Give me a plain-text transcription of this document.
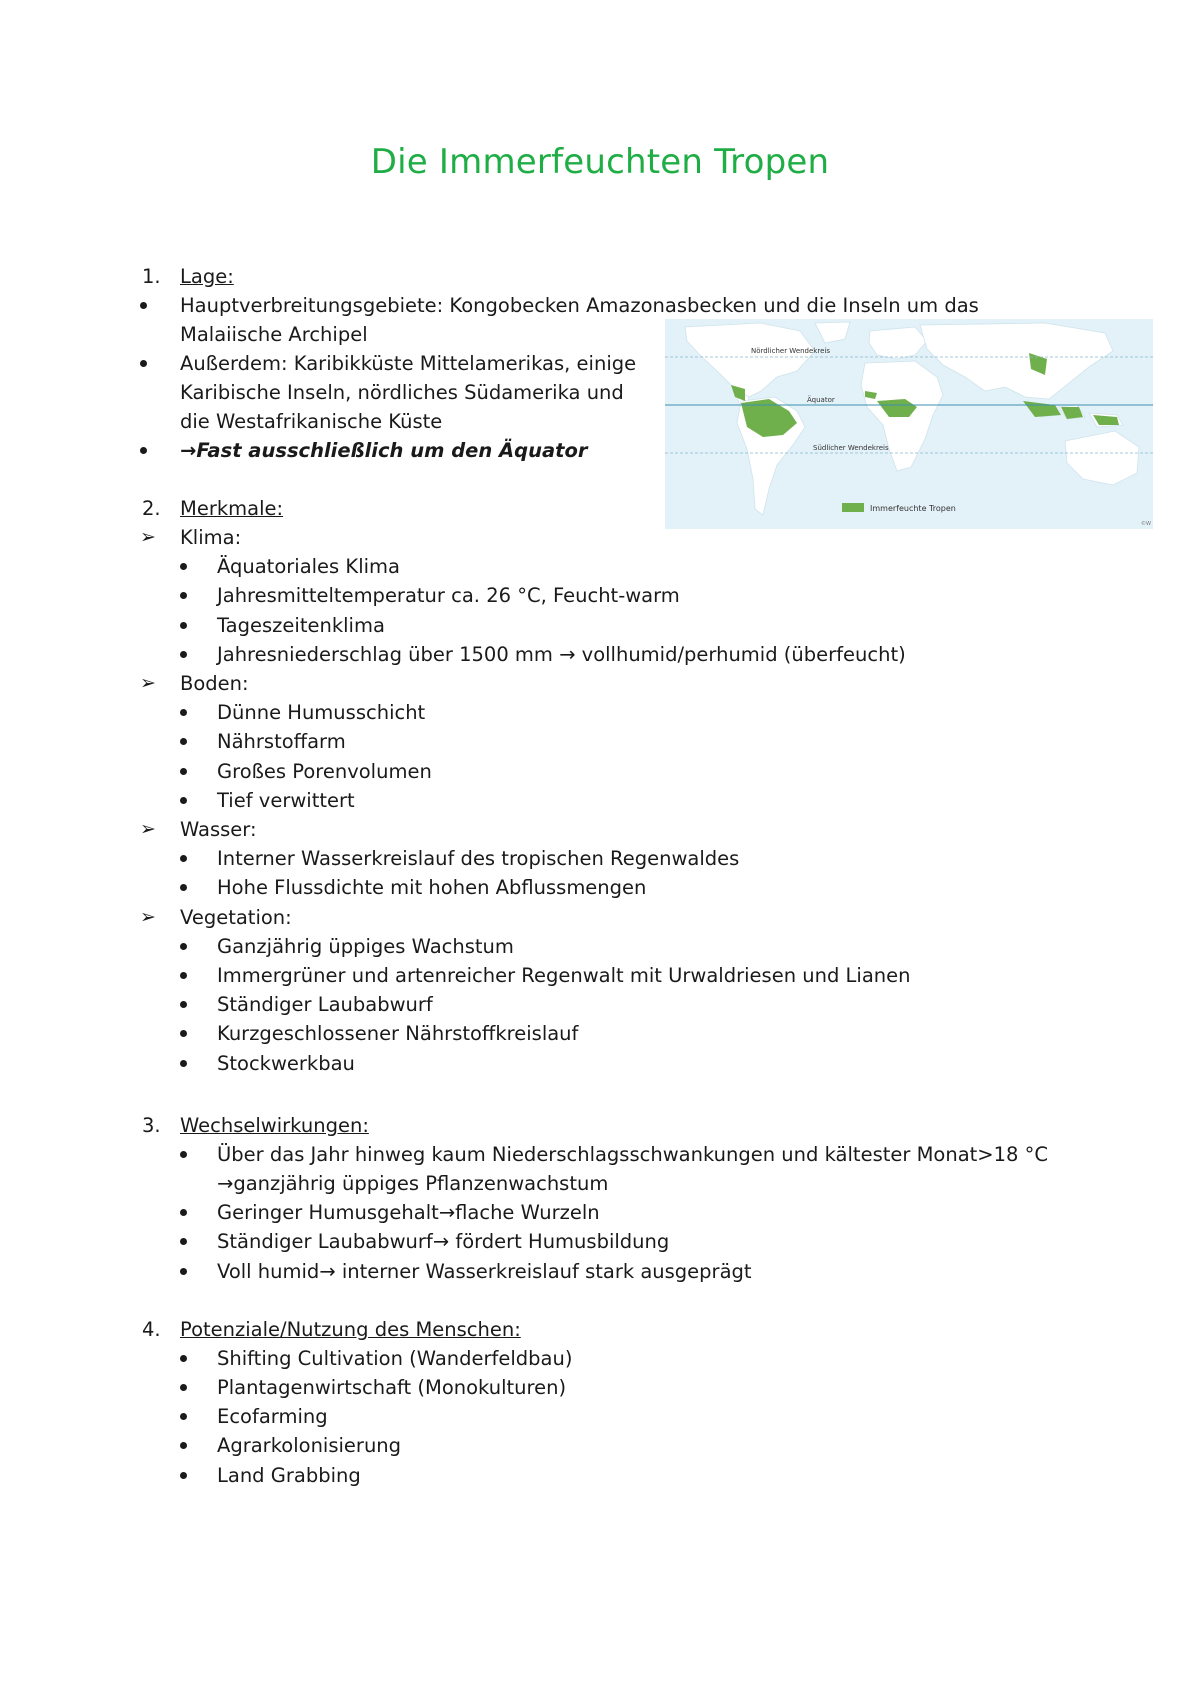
Die Immerfeuchten Tropen
1. Lage:
Hauptverbreitungsgebiete: Kongobecken Amazonasbecken und die Inseln um das
Malaiische Archipel
Außerdem: Karibikküste Mittelamerikas, einige
Karibische Inseln, nördliches Südamerika und
die Westafrikanische Küste
→Fast ausschließlich um den Äquator
Nördlicher Wendekreis
Äquator
Südlicher Wendekreis
Immerfeuchte Tropen
©W
2. Merkmale:
➢ Klima:
Äquatoriales Klima
Jahresmitteltemperatur ca. 26 °C, Feucht-warm
Tageszeitenklima
Jahresniederschlag über 1500 mm → vollhumid/perhumid (überfeucht)
➢ Boden:
Dünne Humusschicht
Nährstoffarm
Großes Porenvolumen
Tief verwittert
➢ Wasser:
Interner Wasserkreislauf des tropischen Regenwaldes
Hohe Flussdichte mit hohen Abflussmengen
➢ Vegetation:
Ganzjährig üppiges Wachstum
Immergrüner und artenreicher Regenwalt mit Urwaldriesen und Lianen
Ständiger Laubabwurf
Kurzgeschlossener Nährstoffkreislauf
Stockwerkbau
3. Wechselwirkungen:
Über das Jahr hinweg kaum Niederschlagsschwankungen und kältester Monat>18 °C
→ganzjährig üppiges Pflanzenwachstum
Geringer Humusgehalt→flache Wurzeln
Ständiger Laubabwurf→ fördert Humusbildung
Voll humid→ interner Wasserkreislauf stark ausgeprägt
4. Potenziale/Nutzung des Menschen:
Shifting Cultivation (Wanderfeldbau)
Plantagenwirtschaft (Monokulturen)
Ecofarming
Agrarkolonisierung
Land Grabbing
